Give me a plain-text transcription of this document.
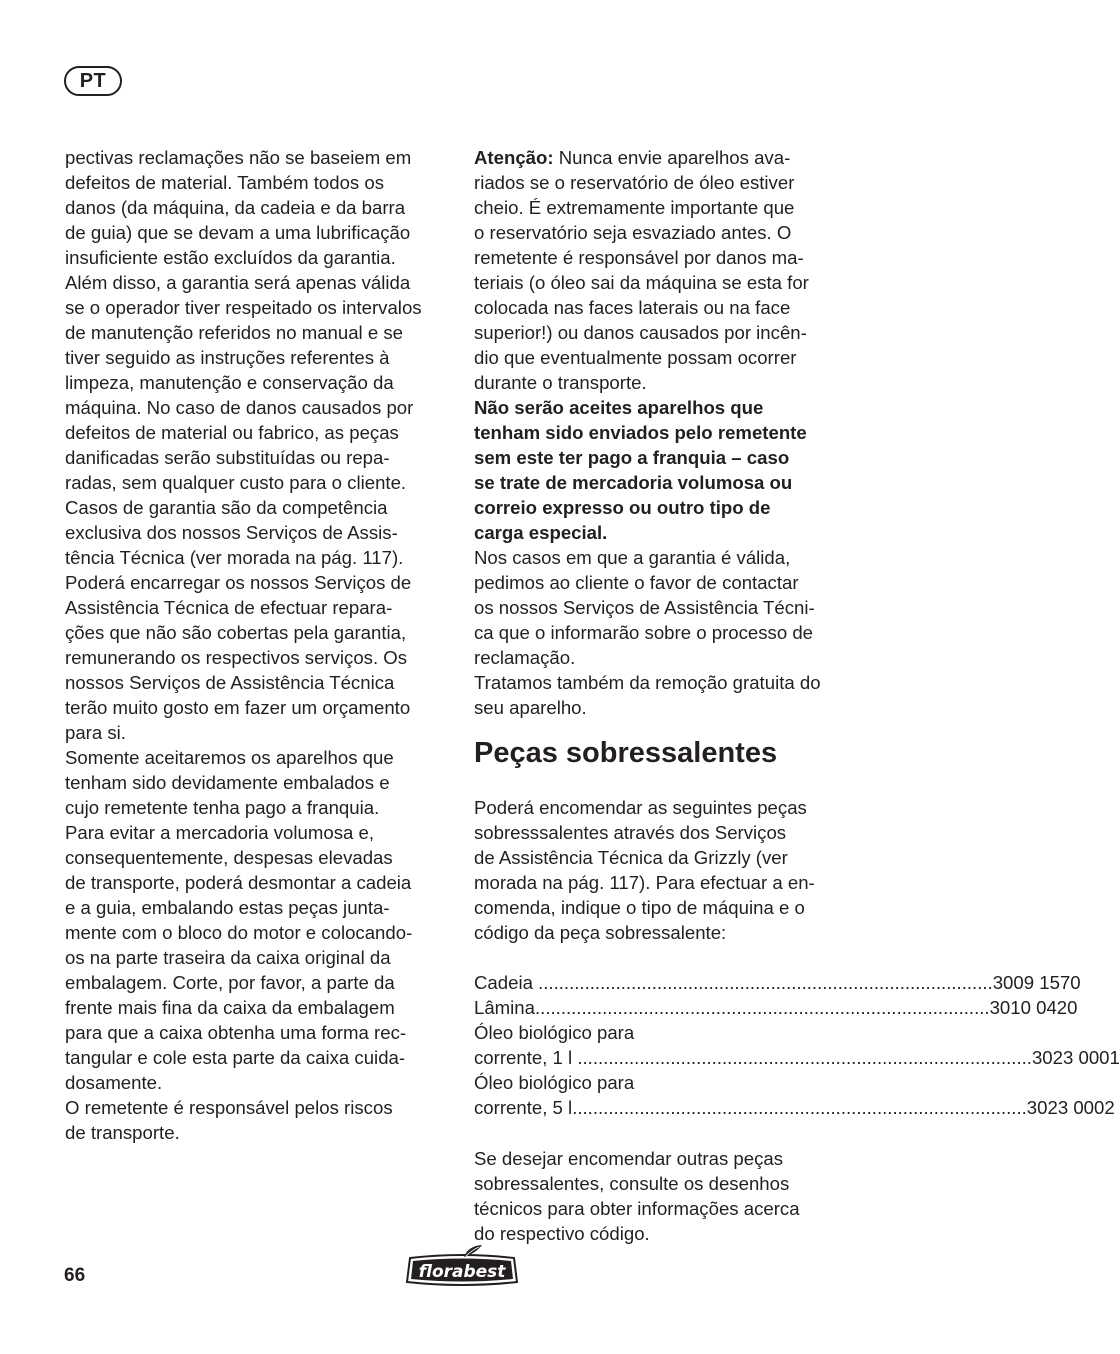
PT
pectivas reclamações não se baseiem em
defeitos de material. Também todos os
danos (da máquina, da cadeia e da barra
de guia) que se devam a uma lubrificação
insuficiente estão excluídos da garantia.
Além disso, a garantia será apenas válida
se o operador tiver respeitado os intervalos
de manutenção referidos no manual e se
tiver seguido as instruções referentes à
limpeza, manutenção e conservação da
máquina. No caso de danos causados por
defeitos de material ou fabrico, as peças
danificadas serão substituídas ou repa-
radas, sem qualquer custo para o cliente.
Casos de garantia são da competência
exclusiva dos nossos Serviços de Assis-
tência Técnica (ver morada na pág. 117).
Poderá encarregar os nossos Serviços de
Assistência Técnica de efectuar repara-
ções que não são cobertas pela garantia,
remunerando os respectivos serviços. Os
nossos Serviços de Assistência Técnica
terão muito gosto em fazer um orçamento
para si.
Somente aceitaremos os aparelhos que
tenham sido devidamente embalados e
cujo remetente tenha pago a franquia.
Para evitar a mercadoria volumosa e,
consequentemente, despesas elevadas
de transporte, poderá desmontar a cadeia
e a guia, embalando estas peças junta-
mente com o bloco do motor e colocando-
os na parte traseira da caixa original da
embalagem. Corte, por favor, a parte da
frente mais fina da caixa da embalagem
para que a caixa obtenha uma forma rec-
tangular e cole esta parte da caixa cuida-
dosamente.
O remetente é responsável pelos riscos
de transporte.
Atenção: Nunca envie aparelhos ava-
riados se o reservatório de óleo estiver
cheio. É extremamente importante que
o reservatório seja esvaziado antes. O
remetente é responsável por danos ma-
teriais (o óleo sai da máquina se esta for
colocada nas faces laterais ou na face
superior!) ou danos causados por incên-
dio que eventualmente possam ocorrer
durante o transporte.
Não serão aceites aparelhos que
tenham sido enviados pelo remetente
sem este ter pago a franquia – caso
se trate de mercadoria volumosa ou
correio expresso ou outro tipo de
carga especial.
Nos casos em que a garantia é válida,
pedimos ao cliente o favor de contactar
os nossos Serviços de Assistência Técni-
ca que o informarão sobre o processo de
reclamação.
Tratamos também da remoção gratuita do
seu aparelho.
Peças sobressalentes
Poderá encomendar as seguintes peças
sobresssalentes através dos Serviços
de Assistência Técnica da Grizzly (ver
morada na pág. 117). Para efectuar a en-
comenda, indique o tipo de máquina e o
código da peça sobressalente:
Cadeia ........................................................................................ 3009 1570
Lâmina ........................................................................................ 3010 0420
Óleo biológico para
corrente, 1 l ........................................................................................ 3023 0001
Óleo biológico para
corrente, 5 l ........................................................................................ 3023 0002
Se desejar encomendar outras peças
sobressalentes, consulte os desenhos
técnicos para obter informações acerca
do respectivo código.
66	florabest
